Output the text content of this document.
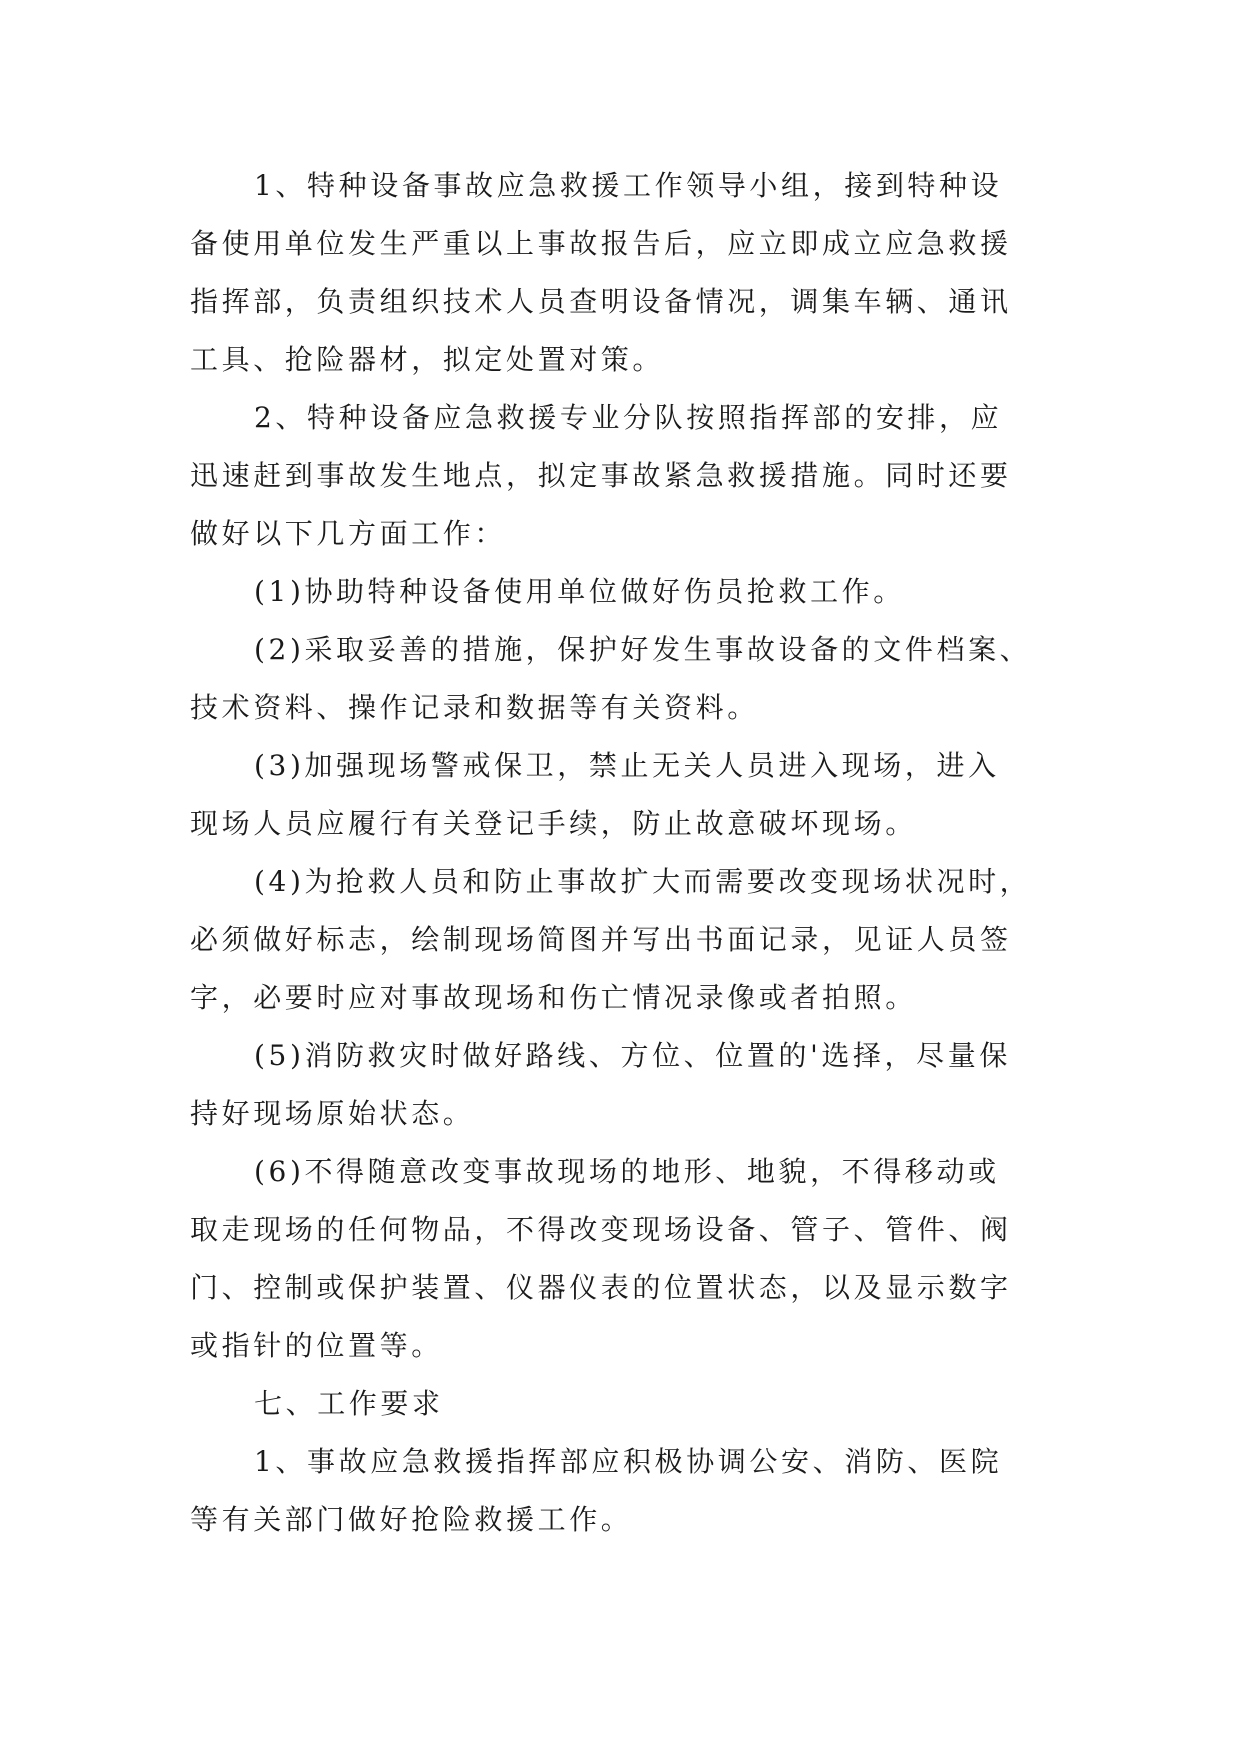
1、特种设备事故应急救援工作领导小组，接到特种设
备使用单位发生严重以上事故报告后，应立即成立应急救援
指挥部，负责组织技术人员查明设备情况，调集车辆、通讯
工具、抢险器材，拟定处置对策。

2、特种设备应急救援专业分队按照指挥部的安排，应
迅速赶到事故发生地点，拟定事故紧急救援措施。同时还要
做好以下几方面工作：

(1)协助特种设备使用单位做好伤员抢救工作。

(2)采取妥善的措施，保护好发生事故设备的文件档案、
技术资料、操作记录和数据等有关资料。

(3)加强现场警戒保卫，禁止无关人员进入现场，进入
现场人员应履行有关登记手续，防止故意破坏现场。

(4)为抢救人员和防止事故扩大而需要改变现场状况时，
必须做好标志，绘制现场简图并写出书面记录，见证人员签
字，必要时应对事故现场和伤亡情况录像或者拍照。

(5)消防救灾时做好路线、方位、位置的'选择，尽量保
持好现场原始状态。

(6)不得随意改变事故现场的地形、地貌，不得移动或
取走现场的任何物品，不得改变现场设备、管子、管件、阀
门、控制或保护装置、仪器仪表的位置状态，以及显示数字
或指针的位置等。

七、工作要求

1、事故应急救援指挥部应积极协调公安、消防、医院
等有关部门做好抢险救援工作。
